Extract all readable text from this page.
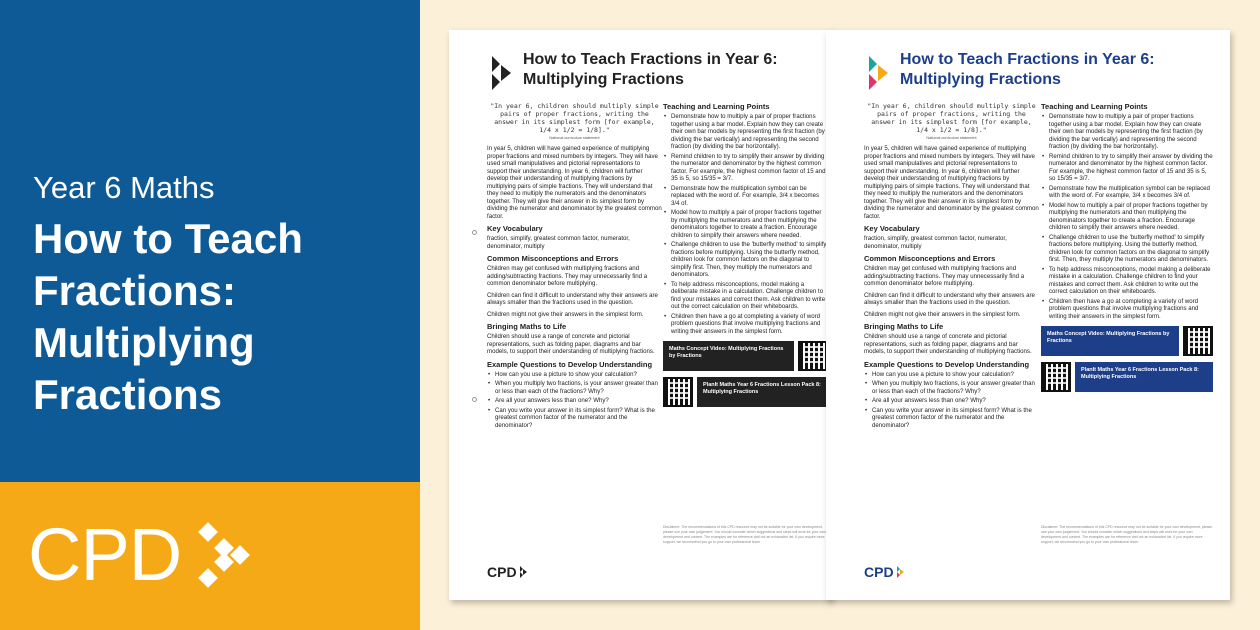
Year 6 Maths
How to Teach Fractions: Multiplying Fractions
CPD
How to Teach Fractions in Year 6:
Multiplying Fractions
"In year 6, children should multiply simple pairs of proper fractions, writing the answer in its simplest form [for example, 1/4 x 1/2 = 1/8]."
National curriculum statement
In year 5, children will have gained experience of multiplying proper fractions and mixed numbers by integers. They will have used small manipulatives and pictorial representations to support their understanding. In year 6, children will further develop their understanding of multiplying fractions by multiplying pairs of simple fractions. They will understand that they need to multiply the numerators and the denominators together. They will give their answer in its simplest form by dividing the numerator and denominator by the greatest common factor.
Key Vocabulary
fraction, simplify, greatest common factor, numerator, denominator, multiply
Common Misconceptions and Errors
Children may get confused with multiplying fractions and adding/subtracting fractions. They may unnecessarily find a common denominator before multiplying.
Children can find it difficult to understand why their answers are always smaller than the fractions used in the question.
Children might not give their answers in the simplest form.
Bringing Maths to Life
Children should use a range of concrete and pictorial representations, such as folding paper, diagrams and bar models, to support their understanding of multiplying fractions.
Example Questions to Develop Understanding
• How can you use a picture to show your calculation?
• When you multiply two fractions, is your answer greater than or less than each of the fractions? Why?
• Are all your answers less than one? Why?
• Can you write your answer in its simplest form? What is the greatest common factor of the numerator and the denominator?
Teaching and Learning Points
• Demonstrate how to multiply a pair of proper fractions together using a bar model. Explain how they can create their own bar models by representing the first fraction (by dividing the bar vertically) and representing the second fraction (by dividing the bar horizontally).
• Remind children to try to simplify their answer by dividing the numerator and denominator by the highest common factor. For example, the highest common factor of 15 and 35 is 5, so 15/35 = 3/7.
• Demonstrate how the multiplication symbol can be replaced with the word of. For example, 3/4 x becomes 3/4 of.
• Model how to multiply a pair of proper fractions together by multiplying the numerators and then multiplying the denominators together to create a fraction. Encourage children to simplify their answers where needed.
• Challenge children to use the 'butterfly method' to simplify fractions before multiplying. Using the butterfly method, children look for common factors on the diagonal to simplify first. Then, they multiply the numerators and denominators.
• To help address misconceptions, model making a deliberate mistake in a calculation. Challenge children to find your mistakes and correct them. Ask children to write out the correct calculation on their whiteboards.
• Children then have a go at completing a variety of word problem questions that involve multiplying fractions and writing their answers in the simplest form.
Maths Concept Video: Multiplying Fractions by Fractions
PlanIt Maths Year 6 Fractions Lesson Pack 8: Multiplying Fractions
Disclaimer: The recommendations of this CPD resource may not be suitable for your own development, please use your own judgement. You should consider which suggestions and steps will work for your own development and context. The examples are for reference and not an exhaustive list. If you require more support, we recommend you go to your own professional team.
CPD
How to Teach Fractions in Year 6:
Multiplying Fractions
"In year 6, children should multiply simple pairs of proper fractions, writing the answer in its simplest form [for example, 1/4 x 1/2 = 1/8]."
National curriculum statement
In year 5, children will have gained experience of multiplying proper fractions and mixed numbers by integers. They will have used small manipulatives and pictorial representations to support their understanding. In year 6, children will further develop their understanding of multiplying fractions by multiplying pairs of simple fractions. They will understand that they need to multiply the numerators and the denominators together. They will give their answer in its simplest form by dividing the numerator and denominator by the greatest common factor.
Key Vocabulary
fraction, simplify, greatest common factor, numerator, denominator, multiply
Common Misconceptions and Errors
Children may get confused with multiplying fractions and adding/subtracting fractions. They may unnecessarily find a common denominator before multiplying.
Children can find it difficult to understand why their answers are always smaller than the fractions used in the question.
Children might not give their answers in the simplest form.
Bringing Maths to Life
Children should use a range of concrete and pictorial representations, such as folding paper, diagrams and bar models, to support their understanding of multiplying fractions.
Example Questions to Develop Understanding
• How can you use a picture to show your calculation?
• When you multiply two fractions, is your answer greater than or less than each of the fractions? Why?
• Are all your answers less than one? Why?
• Can you write your answer in its simplest form? What is the greatest common factor of the numerator and the denominator?
Teaching and Learning Points
• Demonstrate how to multiply a pair of proper fractions together using a bar model. Explain how they can create their own bar models by representing the first fraction (by dividing the bar vertically) and representing the second fraction (by dividing the bar horizontally).
• Remind children to try to simplify their answer by dividing the numerator and denominator by the highest common factor. For example, the highest common factor of 15 and 35 is 5, so 15/35 = 3/7.
• Demonstrate how the multiplication symbol can be replaced with the word of. For example, 3/4 x becomes 3/4 of.
• Model how to multiply a pair of proper fractions together by multiplying the numerators and then multiplying the denominators together to create a fraction. Encourage children to simplify their answers where needed.
• Challenge children to use the 'butterfly method' to simplify fractions before multiplying. Using the butterfly method, children look for common factors on the diagonal to simplify first. Then, they multiply the numerators and denominators.
• To help address misconceptions, model making a deliberate mistake in a calculation. Challenge children to find your mistakes and correct them. Ask children to write out the correct calculation on their whiteboards.
• Children then have a go at completing a variety of word problem questions that involve multiplying fractions and writing their answers in the simplest form.
Maths Concept Video: Multiplying Fractions by Fractions
PlanIt Maths Year 6 Fractions Lesson Pack 8: Multiplying Fractions
Disclaimer: The recommendations of this CPD resource may not be suitable for your own development, please use your own judgement. You should consider which suggestions and steps will work for your own development and context. The examples are for reference and not an exhaustive list. If you require more support, we recommend you go to your own professional team.
CPD
